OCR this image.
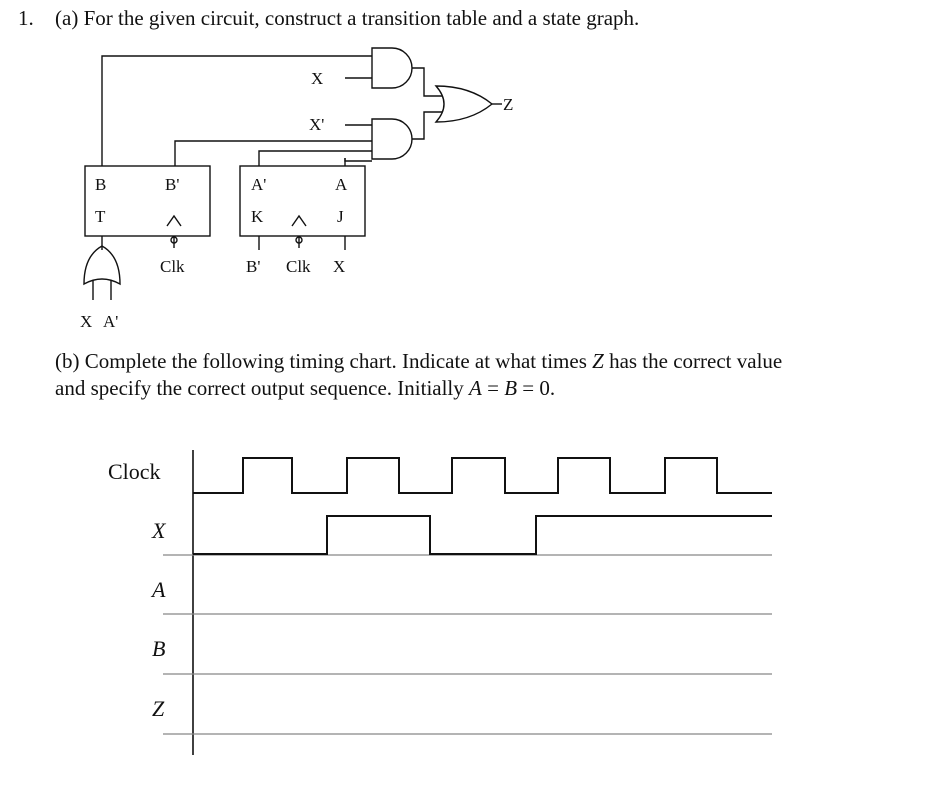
1. (a) For the given circuit, construct a transition table and a state graph.
(b) Complete the following timing chart. Indicate at what times Z has the correct value
and specify the correct output sequence. Initially A = B = 0.
B
T
B'	A'
K
A
J
Clk	B' Clk X
X
X'
Z
X A'
Clock
X
A
B
Z
